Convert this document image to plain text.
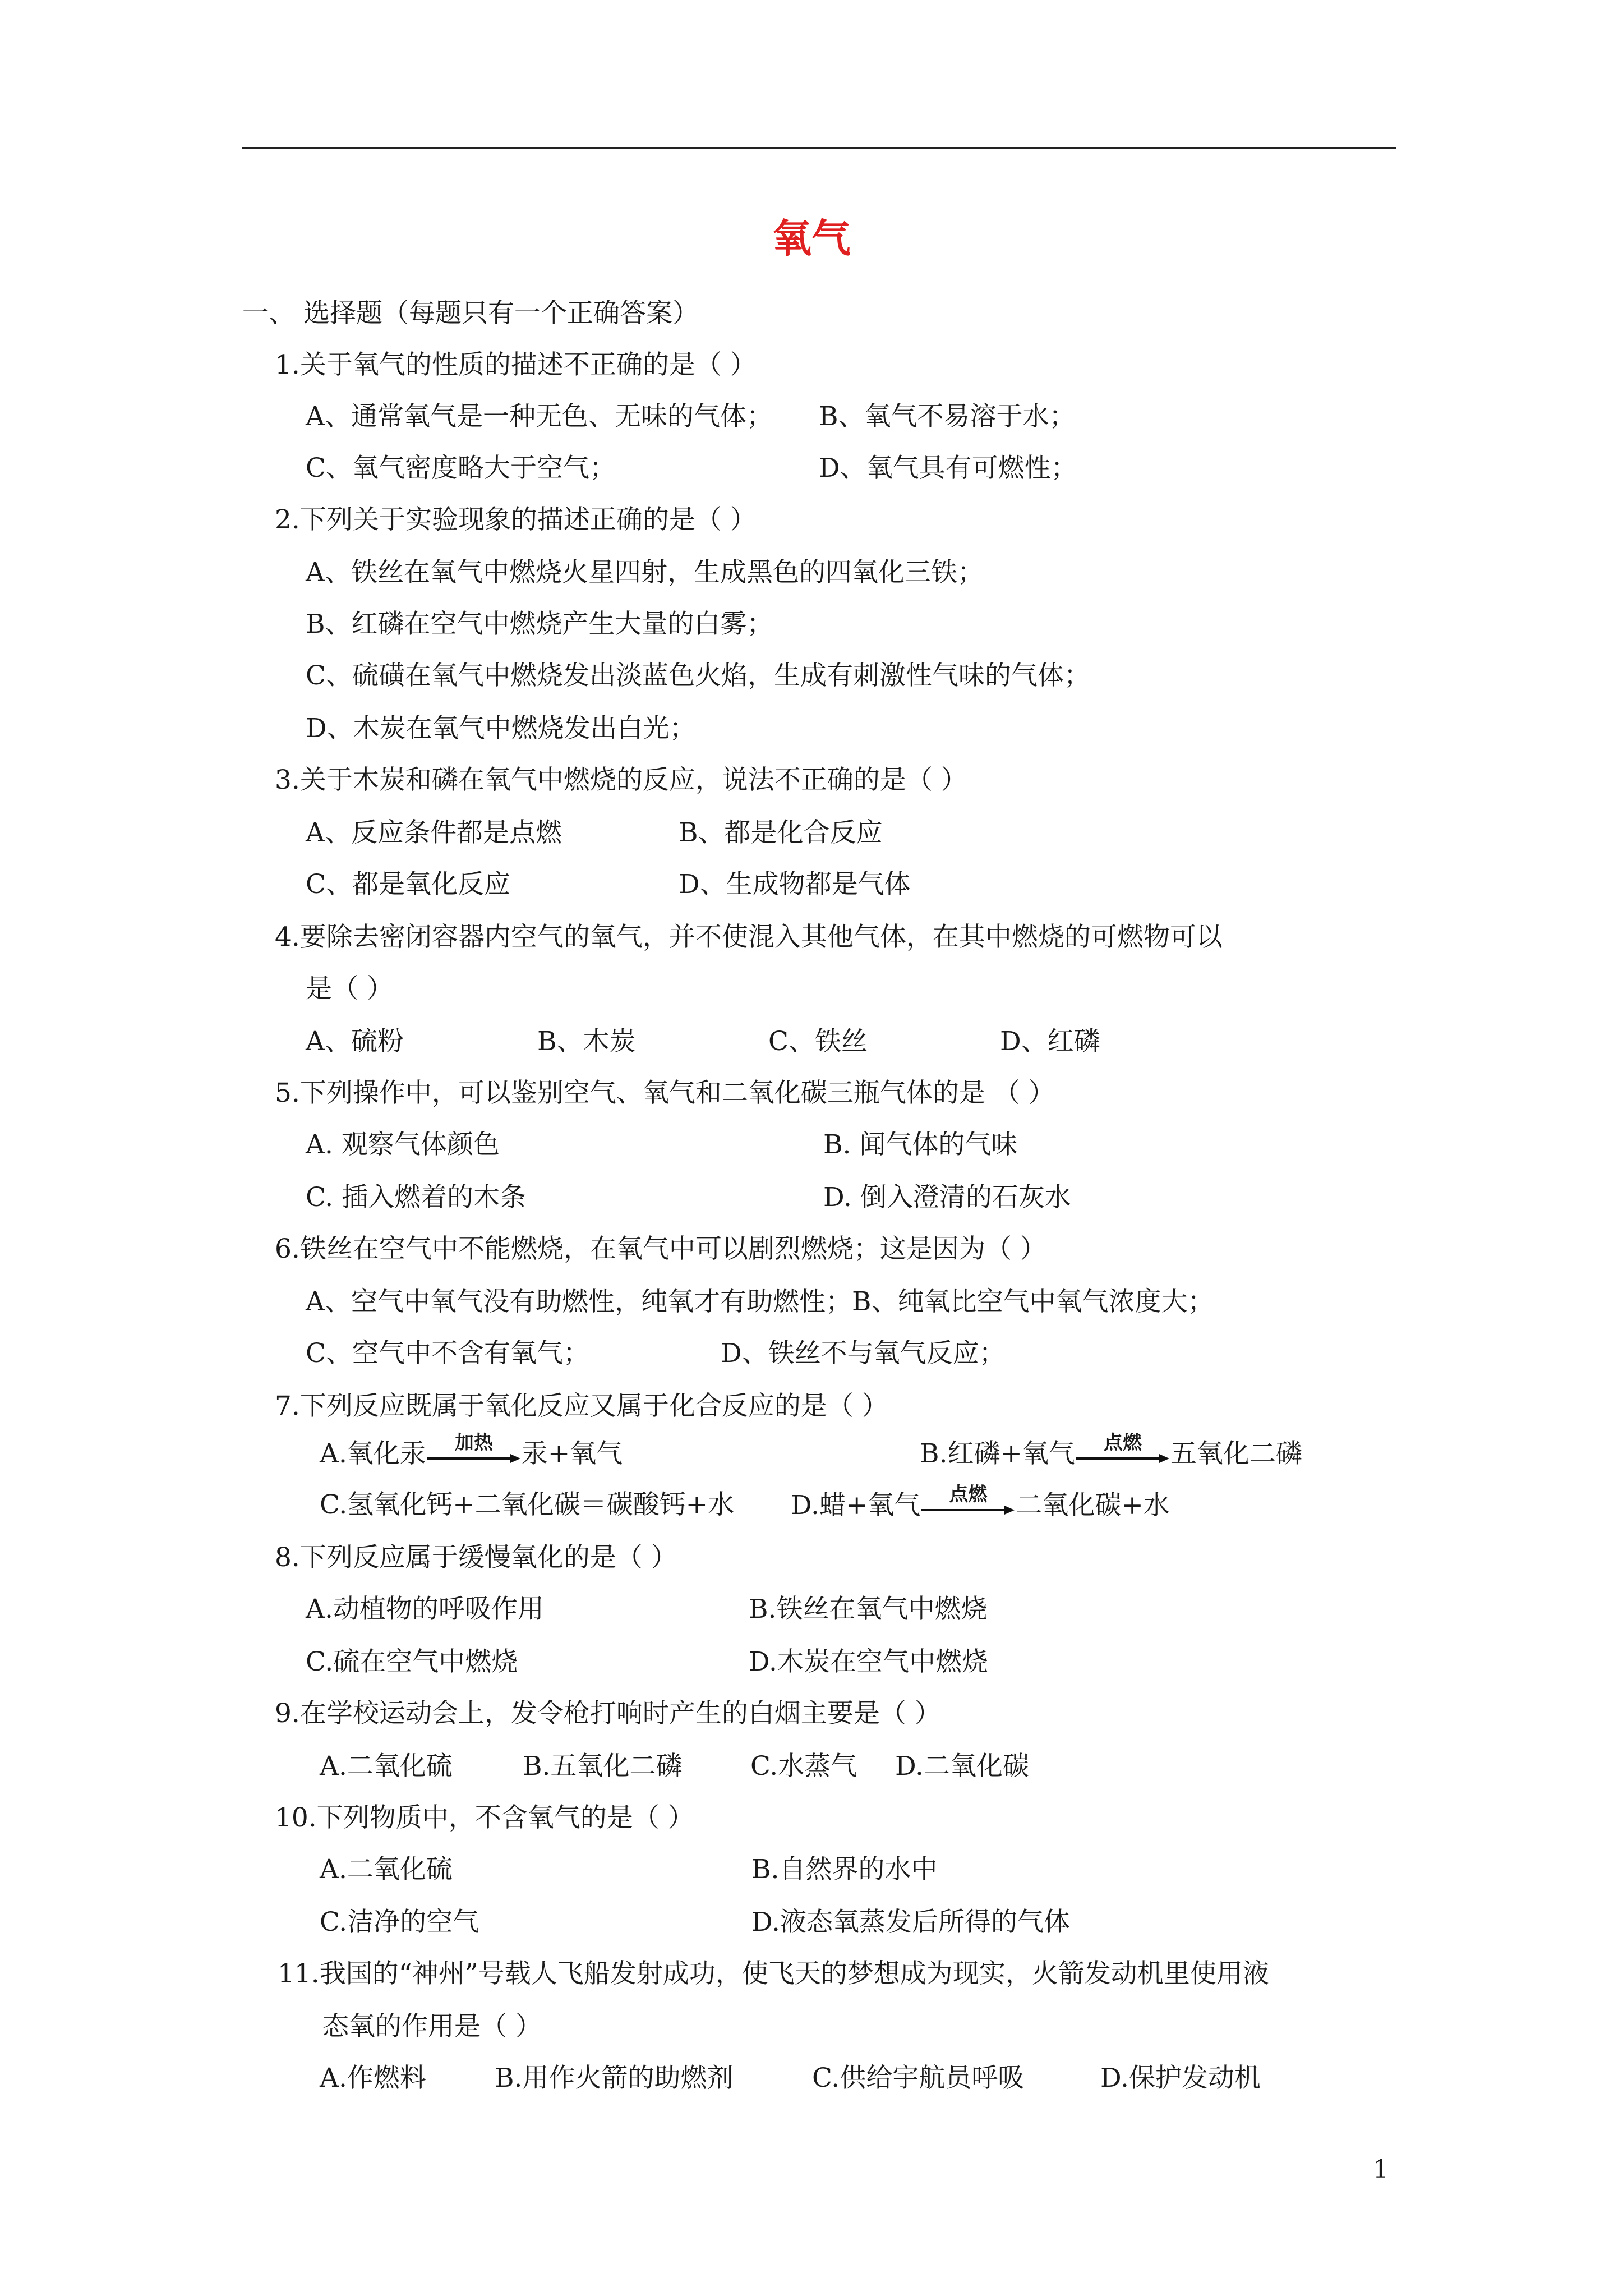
氧气
一、 选择题（每题只有一个正确答案）
1.关于氧气的性质的描述不正确的是（ ）
A、通常氧气是一种无色、无味的气体； B、氧气不易溶于水；
C、氧气密度略大于空气；	D、氧气具有可燃性；
2.下列关于实验现象的描述正确的是（ ）
A、铁丝在氧气中燃烧火星四射，生成黑色的四氧化三铁；
B、红磷在空气中燃烧产生大量的白雾；
C、硫磺在氧气中燃烧发出淡蓝色火焰，生成有刺激性气味的气体；
D、木炭在氧气中燃烧发出白光；
3.关于木炭和磷在氧气中燃烧的反应，说法不正确的是（ ）
A、反应条件都是点燃	B、都是化合反应
C、都是氧化反应	D、生成物都是气体
4.要除去密闭容器内空气的氧气，并不使混入其他气体，在其中燃烧的可燃物可以
是（ ）
A、硫粉	B、木炭	C、铁丝	D、红磷
5.下列操作中，可以鉴别空气、氧气和二氧化碳三瓶气体的是 （ ）
A. 观察气体颜色	B. 闻气体的气味
C. 插入燃着的木条	D. 倒入澄清的石灰水
6.铁丝在空气中不能燃烧，在氧气中可以剧烈燃烧；这是因为（ ）
A、空气中氧气没有助燃性，纯氧才有助燃性；B、纯氧比空气中氧气浓度大；
C、空气中不含有氧气；	D、铁丝不与氧气反应；
7.下列反应既属于氧化反应又属于化合反应的是（ ）
A.氧化汞	加热	汞+氧气	B.红磷+氧气	点燃	五氧化二磷
C.氢氧化钙+二氧化碳＝碳酸钙+水 D.蜡+氧气	点燃	二氧化碳+水
8.下列反应属于缓慢氧化的是（ ）
A.动植物的呼吸作用	B.铁丝在氧气中燃烧
C.硫在空气中燃烧	D.木炭在空气中燃烧
9.在学校运动会上，发令枪打响时产生的白烟主要是（ ）
A.二氧化硫	B.五氧化二磷	C.水蒸气 D.二氧化碳
10.下列物质中，不含氧气的是（ ）
A.二氧化硫	B.自然界的水中
C.洁净的空气	D.液态氧蒸发后所得的气体
11.我国的“神州”号载人飞船发射成功，使飞天的梦想成为现实，火箭发动机里使用液
态氧的作用是（ ）
A.作燃料	B.用作火箭的助燃剂	C.供给宇航员呼吸	D.保护发动机
1
